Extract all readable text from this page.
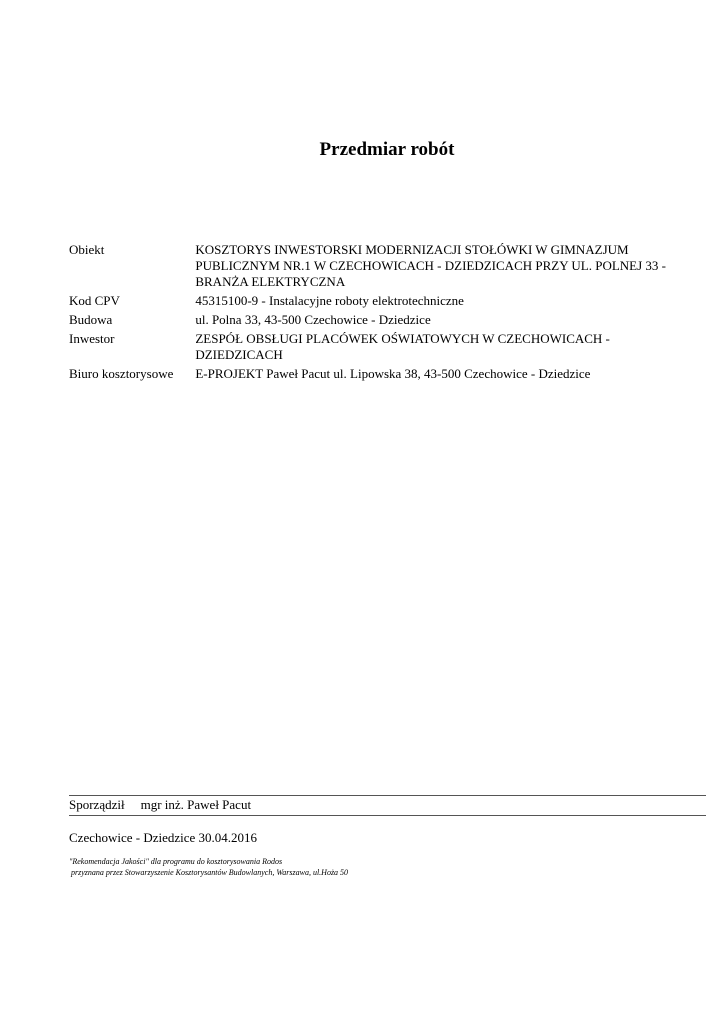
Przedmiar robót
Obiekt	KOSZTORYS INWESTORSKI MODERNIZACJI STOŁÓWKI W GIMNAZJUM
PUBLICZNYM NR.1 W CZECHOWICACH - DZIEDZICACH PRZY UL. POLNEJ 33 -
BRANŻA ELEKTRYCZNA

Kod CPV	45315100-9 - Instalacyjne roboty elektrotechniczne

Budowa	ul. Polna 33, 43-500 Czechowice - Dziedzice

Inwestor	ZESPÓŁ OBSŁUGI PLACÓWEK OŚWIATOWYCH W CZECHOWICACH -
DZIEDZICACH

Biuro kosztorysowe	E-PROJEKT Paweł Pacut ul. Lipowska 38, 43-500 Czechowice - Dziedzice
Sporządził mgr inż. Paweł Pacut
Czechowice - Dziedzice 30.04.2016
"Rekomendacja Jakości" dla programu do kosztorysowania Rodos
przyznana przez Stowarzyszenie Kosztorysantów Budowlanych, Warszawa, ul.Hoża 50
